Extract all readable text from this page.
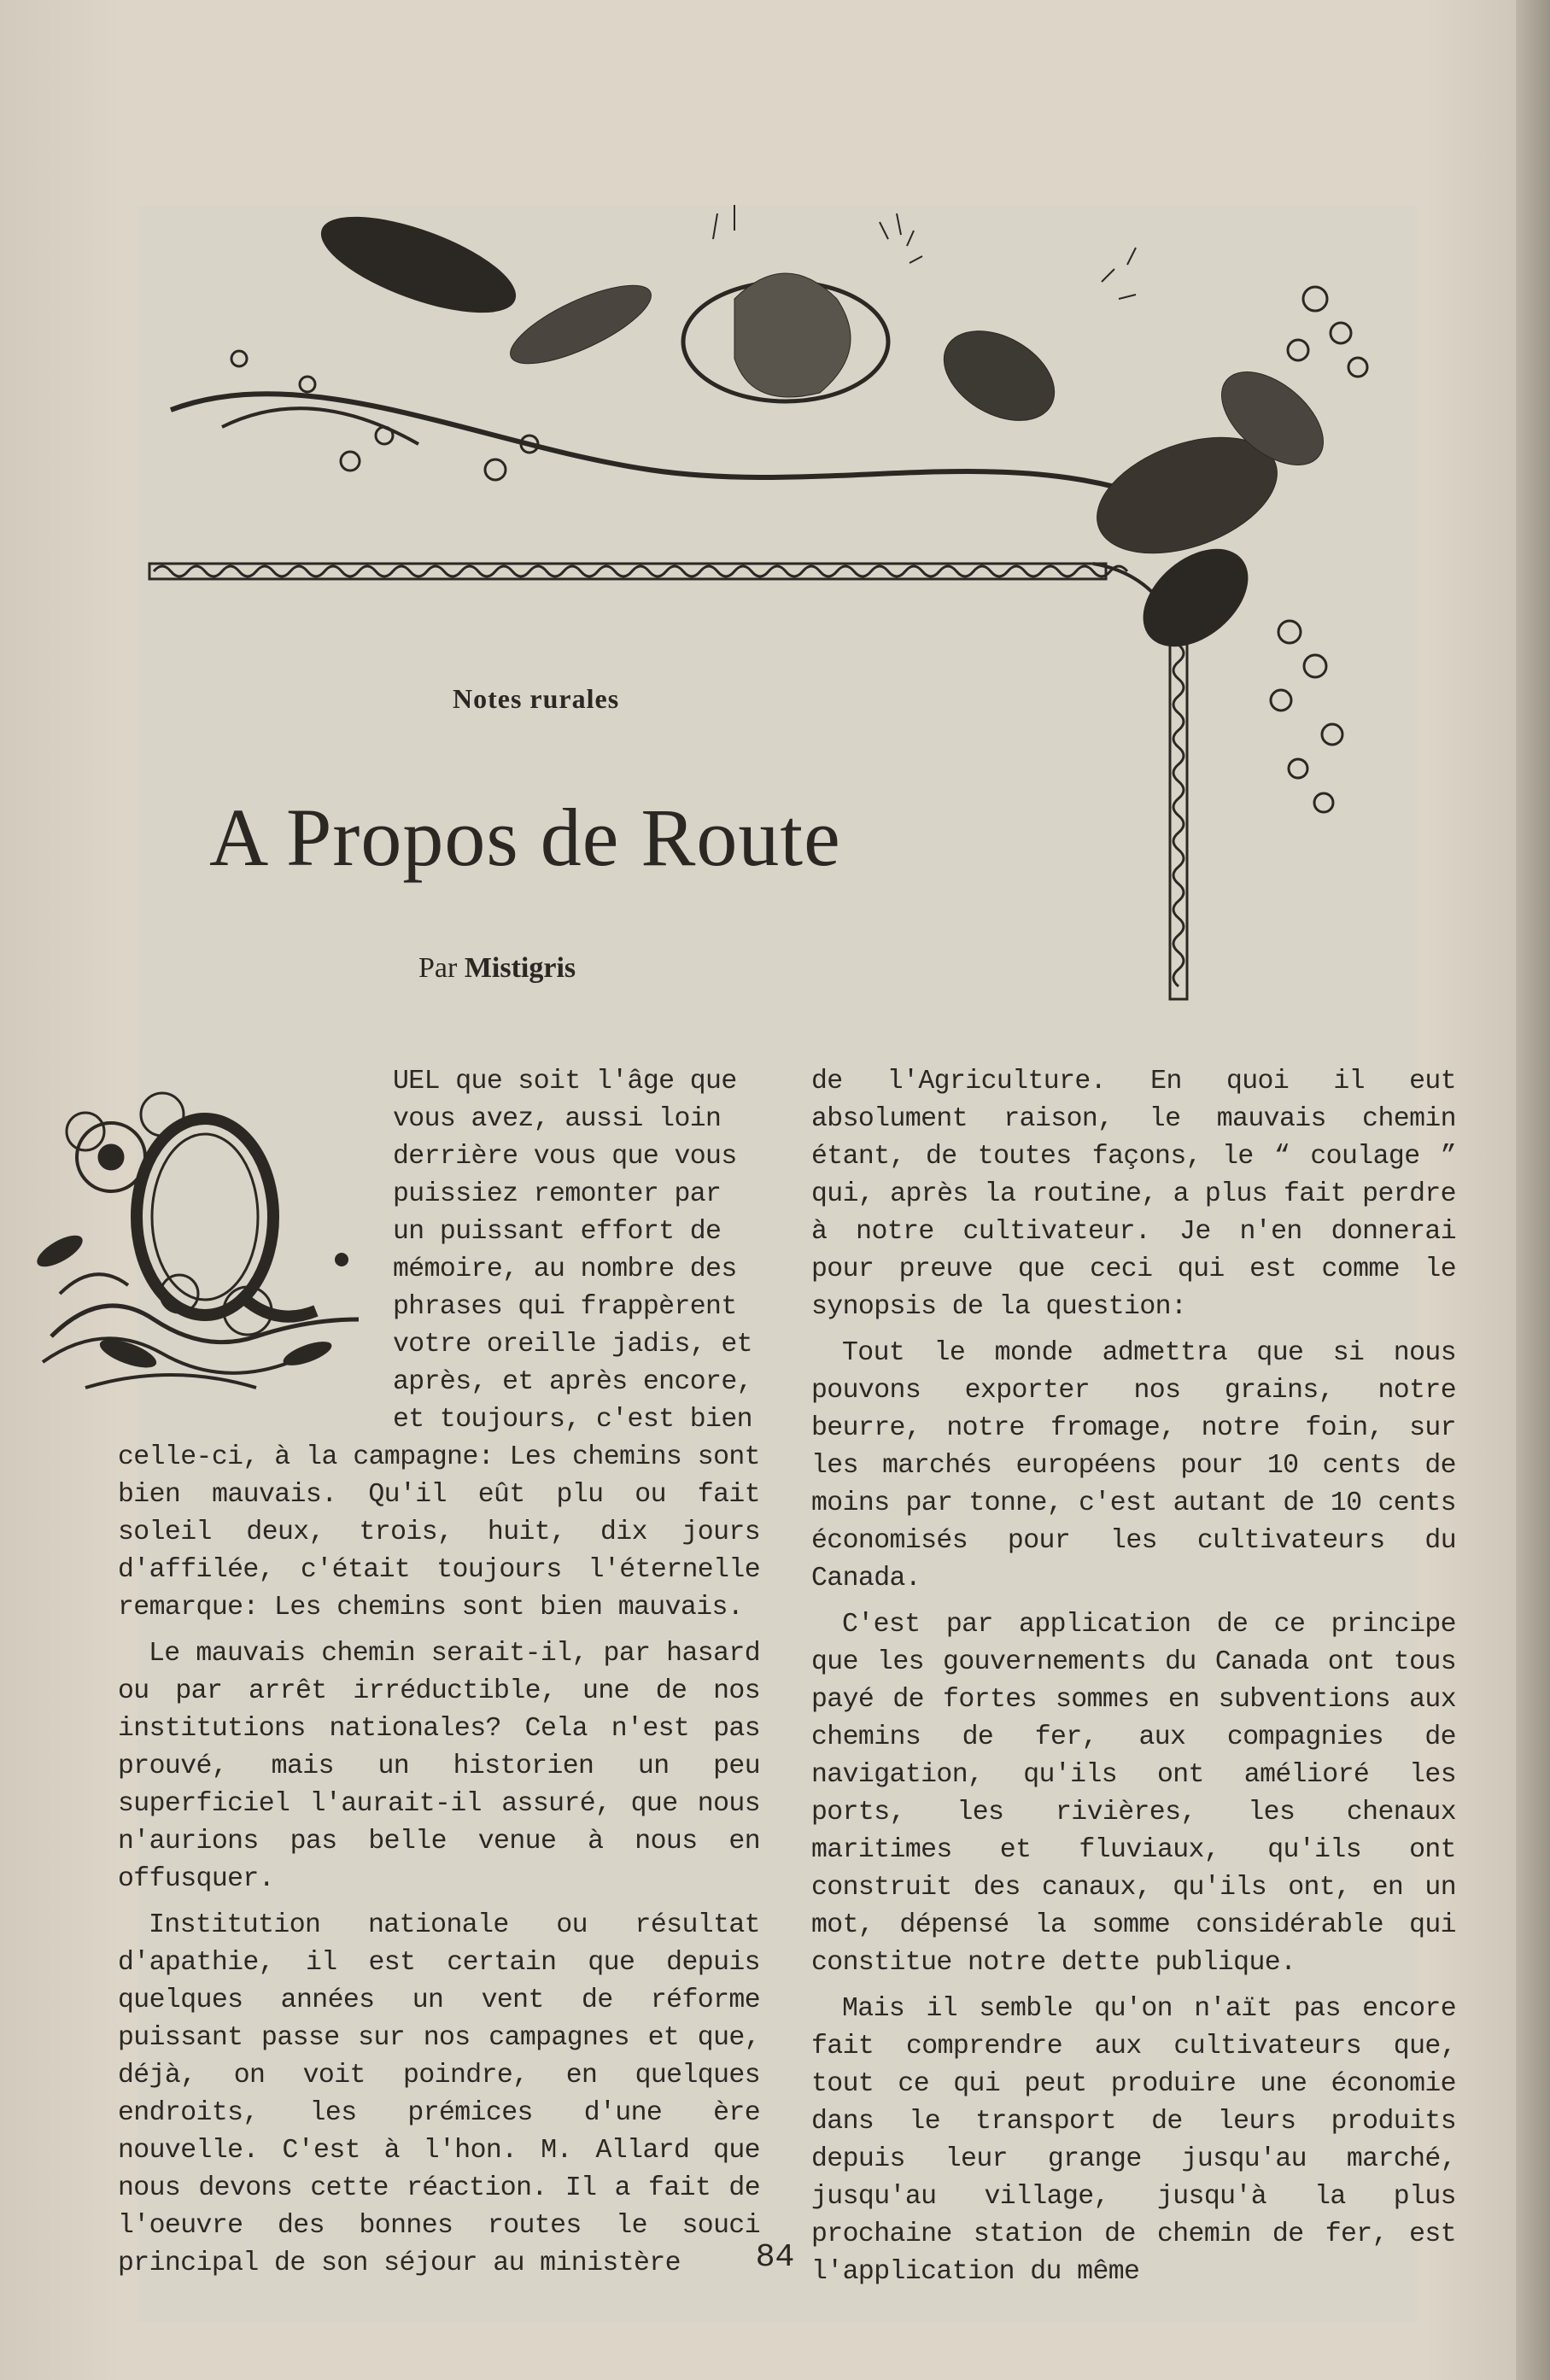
Notes rurales
A Propos de Route
Par Mistigris
UEL que soit l'âge que
vous avez, aussi loin
derrière vous que vous
puissiez remonter par
un puissant effort de
mémoire, au nombre des
phrases qui frappèrent
votre oreille jadis, et
après, et après encore,
et toujours, c'est bien

celle-ci, à la campagne: Les chemins sont bien mauvais. Qu'il eût plu ou fait soleil deux, trois, huit, dix jours d'affilée, c'était toujours l'éternelle remarque: Les chemins sont bien mauvais.

Le mauvais chemin serait-il, par hasard ou par arrêt irréductible, une de nos institutions nationales? Cela n'est pas prouvé, mais un historien un peu superficiel l'aurait-il assuré, que nous n'aurions pas belle venue à nous en offusquer.

Institution nationale ou résultat d'apathie, il est certain que depuis quelques années un vent de réforme puissant passe sur nos campagnes et que, déjà, on voit poindre, en quelques endroits, les prémices d'une ère nouvelle. C'est à l'hon. M. Allard que nous devons cette réaction. Il a fait de l'oeuvre des bonnes routes le souci principal de son séjour au ministère

de l'Agriculture. En quoi il eut absolument raison, le mauvais chemin étant, de toutes façons, le “ coulage ” qui, après la routine, a plus fait perdre à notre cultivateur. Je n'en donnerai pour preuve que ceci qui est comme le synopsis de la question:

Tout le monde admettra que si nous pouvons exporter nos grains, notre beurre, notre fromage, notre foin, sur les marchés européens pour 10 cents de moins par tonne, c'est autant de 10 cents économisés pour les cultivateurs du Canada.

C'est par application de ce principe que les gouvernements du Canada ont tous payé de fortes sommes en subventions aux chemins de fer, aux compagnies de navigation, qu'ils ont amélioré les ports, les rivières, les chenaux maritimes et fluviaux, qu'ils ont construit des canaux, qu'ils ont, en un mot, dépensé la somme considérable qui constitue notre dette publique.

Mais il semble qu'on n'aït pas encore fait comprendre aux cultivateurs que, tout ce qui peut produire une économie dans le transport de leurs produits depuis leur grange jusqu'au marché, jusqu'au village, jusqu'à la plus prochaine station de chemin de fer, est l'application du même

84
